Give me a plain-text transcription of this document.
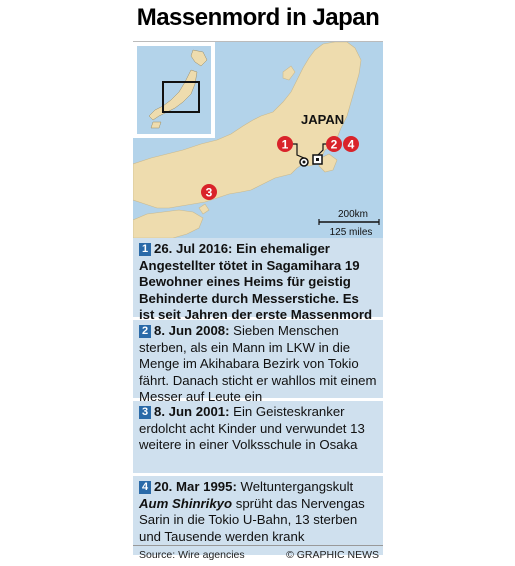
Massenmord in Japan
JAPAN
1	2 4
3
200km
125 miles
1 26. Jul 2016: Ein ehemaliger Angestellter tötet in Sagamihara 19 Bewohner eines Heims für geistig Behinderte durch Messerstiche. Es ist seit Jahren der erste Massenmord
2 8. Jun 2008: Sieben Menschen sterben, als ein Mann im LKW in die Menge im Akihabara Bezirk von Tokio fährt. Danach sticht er wahllos mit einem Messer auf Leute ein
3 8. Jun 2001: Ein Geisteskranker erdolcht acht Kinder und verwundet 13 weitere in einer Volksschule in Osaka
4 20. Mar 1995: Weltuntergangskult Aum Shinrikyo sprüht das Nervengas Sarin in die Tokio U-Bahn, 13 sterben und Tausende werden krank
Source: Wire agencies	© GRAPHIC NEWS
